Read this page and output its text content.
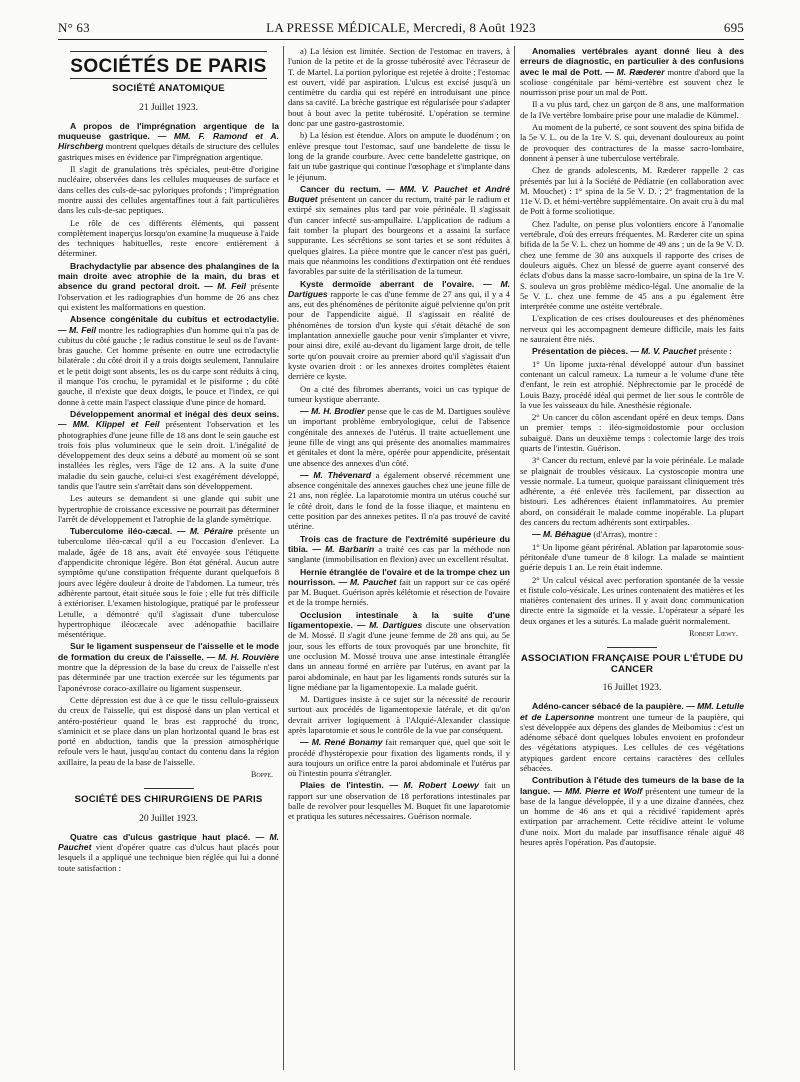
N° 63	LA PRESSE MÉDICALE, Mercredi, 8 Août 1923	695
SOCIÉTÉS DE PARIS
SOCIÉTÉ ANATOMIQUE
21 Juillet 1923.
A propos de l'imprégnation argentique de la muqueuse gastrique. — MM. F. Ramond et A. Hirschberg montrent quelques détails de structure des cellules gastriques mises en évidence par l'imprégnation argentique.
Il s'agit de granulations très spéciales, peut-être d'origine nucléaire, observées dans les cellules muqueuses de surface et dans celles des culs-de-sac pyloriques profonds ; l'imprégnation montre aussi des cellules argentaffines tout à fait particulières dans les culs-de-sac peptiques.
Le rôle de ces différents éléments, qui passent complètement inaperçus lorsqu'on examine la muqueuse à l'aide des techniques habituelles, reste encore entièrement à déterminer.
Brachydactylie par absence des phalangines de la main droite avec atrophie de la main, du bras et absence du grand pectoral droit. — M. Feil présente l'observation et les radiographies d'un homme de 26 ans chez qui existent les malformations en question.
Absence congénitale du cubitus et ectrodactylie. — M. Feil montre les radiographies d'un homme qui n'a pas de cubitus du côté gauche ; le radius constitue le seul os de l'avant-bras gauche. Cet homme présente en outre une ectrodactylie bilatérale : du côté droit il y a trois doigts seulement, l'annulaire et le petit doigt sont absents, les os du carpe sont réduits à cinq, il manque l'os crochu, le pyramidal et le pisiforme ; du côté gauche, il n'existe que deux doigts, le pouce et l'index, ce qui donne à cette main l'aspect classique d'une pince de homard.
Développement anormal et inégal des deux seins. — MM. Klippel et Feil présentent l'observation et les photographies d'une jeune fille de 18 ans dont le sein gauche est trois fois plus volumineux que le sein droit. L'inégalité de développement des deux seins a débuté au moment où se sont installées les règles, vers l'âge de 12 ans. A la suite d'une maladie du sein gauche, celui-ci s'est exagérément développé, tandis que l'autre sein s'arrêtait dans son développement.
Les auteurs se demandent si une glande qui subit une hypertrophie de croissance excessive ne pourrait pas déterminer l'arrêt de développement et l'atrophie de la glande symétrique.
Tuberculome iléo-cæcal. — M. Péraire présente un tuberculome iléo-cæcal qu'il a eu l'occasion d'enlever. La malade, âgée de 18 ans, avait été envoyée sous l'étiquette d'appendicite chronique légère. Bon état général. Aucun autre symptôme qu'une constipation fréquente durant quelquefois 8 jours avec légère douleur à droite de l'abdomen. La tumeur, très adhérente partout, était située sous le foie ; elle fut très difficile à extérioriser. L'examen histologique, pratiqué par le professeur Letulle, a démontré qu'il s'agissait d'une tuberculose hypertrophique iléocæcale avec adénopathie bacillaire mésentérique.
Sur le ligament suspenseur de l'aisselle et le mode de formation du creux de l'aisselle. — M. H. Rouvière montre que la dépression de la base du creux de l'aisselle n'est pas déterminée par une traction exercée sur les téguments par l'aponévrose coraco-axillaire ou ligament suspenseur.
Cette dépression est due à ce que le tissu cellulo-graisseux du creux de l'aisselle, qui est disposé dans un plan vertical et antéro-postérieur quand le bras est rapproché du tronc, s'aminicit et se place dans un plan horizontal quand le bras est porté en abduction, tandis que la pression atmosphérique refoule vers le haut, jusqu'au contact du contenu dans la région axillaire, la peau de la base de l'aisselle.
Boppe.
SOCIÉTÉ DES CHIRURGIENS DE PARIS
20 Juillet 1923.
Quatre cas d'ulcus gastrique haut placé. — M. Pauchet vient d'opérer quatre cas d'ulcus haut placés pour lesquels il a appliqué une technique bien réglée qui lui a donné toute satisfaction :
a) La lésion est limitée. Section de l'estomac en travers, à l'union de la petite et de la grosse tubérosité avec l'écraseur de T. de Martel. La portion pylorique est rejetée à droite ; l'estomac est ouvert, vidé par aspiration. L'ulcus est excisé jusqu'à un centimètre du cardia qui est repéré en introduisant une pince dans sa cavité. La brèche gastrique est régularisée pour s'adapter bout à bout avec la petite tubérosité. L'opération se termine donc par une gastro-gastrostomie.
b) La lésion est étendue. Alors on ampute le duodénum ; on enlève presque tout l'estomac, sauf une bandelette de tissu le long de la grande courbure. Avec cette bandelette gastrique, on fait un tube gastrique qui continue l'œsophage et s'implante dans le jéjunum.
Cancer du rectum. — MM. V. Pauchet et André Buquet présentent un cancer du rectum, traité par le radium et extirpé six semaines plus tard par voie périnéale. Il s'agissait d'un cancer infecté sus-ampullaire. L'application de radium a fait tomber la plupart des bourgeons et a assaini la surface suppurante. Les sécrétions se sont taries et se sont réduites à quelques glaires. La pièce montre que le cancer n'est pas guéri, mais que néanmoins les conditions d'extirpation ont été rendues favorables par suite de la stérilisation de la tumeur.
Kyste dermoïde aberrant de l'ovaire. — M. Dartigues rapporte le cas d'une femme de 27 ans qui, il y a 4 ans, eut des phénomènes de péritonite aiguë pelvienne qu'on prit pour de l'appendicite aiguë. Il s'agissait en réalité de phénomènes de torsion d'un kyste qui s'était détaché de son implantation annexielle gauche pour venir s'implanter et vivre, pour ainsi dire, exilé au-devant du ligament large droit, de telle sorte qu'on pouvait croire au premier abord qu'il s'agissait d'un kyste ovarien droit : or les annexes droites complètes étaient derrière ce kyste.
On a cité des fibromes aberrants, voici un cas typique de tumeur kystique aberrante.
— M. H. Brodier pense que le cas de M. Dartigues soulève un important problème embryologique, celui de l'absence congénitale des annexes de l'utérus. Il traite actuellement une jeune fille de vingt ans qui présente des anomalies mammaires et génitales et dont la mère, opérée pour appendicite, présentait une absence des annexes d'un côté.
— M. Thévenard a également observé récemment une absence congénitale des annexes gauches chez une jeune fille de 21 ans, non réglée. La laparotomie montra un utérus couché sur le côté droit, dans le fond de la fosse iliaque, et maintenu en cette position par des annexes petites. Il n'a pas trouvé de cavité utérine.
Trois cas de fracture de l'extrémité supérieure du tibia. — M. Barbarin a traité ces cas par la méthode non sanglante (immobilisation en flexion) avec un excellent résultat.
Hernie étranglée de l'ovaire et de la trompe chez un nourrisson. — M. Pauchet fait un rapport sur ce cas opéré par M. Buquet. Guérison après kélétomie et résection de l'ovaire et de la trompe herniés.
Occlusion intestinale à la suite d'une ligamentopexie. — M. Dartigues discute une observation de M. Mossé. Il s'agit d'une jeune femme de 28 ans qui, au 5e jour, sous les efforts de toux provoqués par une bronchite, fit une occlusion M. Mossé trouva une anse intestinale étranglée dans un anneau formé en arrière par l'utérus, en avant par la paroi abdominale, en haut par les ligaments ronds suturés sur la ligne médiane par la ligamentopexie. La malade guérit.
M. Dartigues insiste à ce sujet sur la nécessité de recourir surtout aux procédés de ligamentopexie latérale, et dit qu'on devrait arriver logiquement à l'Alquié-Alexander classique après laparotomie et sous le contrôle de la vue par conséquent.
— M. René Bonamy fait remarquer que, quel que soit le procédé d'hystéropexie pour fixation des ligaments ronds, il y aura toujours un orifice entre la paroi abdominale et l'utérus par où l'intestin pourra s'étrangler.
Plaies de l'intestin. — M. Robert Loewy fait un rapport sur une observation de 18 perforations intestinales par balle de revolver pour lesquelles M. Buquet fit une laparotomie et pratiqua les sutures nécessaires. Guérison normale.
Anomalies vertébrales ayant donné lieu à des erreurs de diagnostic, en particulier à des confusions avec le mal de Pott. — M. Ræderer montre d'abord que la scoliose congénitale par hémi-vertèbre est souvent chez le nourrisson prise pour un mal de Pott.
Il a vu plus tard, chez un garçon de 8 ans, une malformation de la IVe vertèbre lombaire prise pour une maladie de Kümmel.
Au moment de la puberté, ce sont souvent des spina bifida de la 5e V. L. ou de la 1re V. S. qui, devenant douloureux au point de provoquer des contractures de la masse sacro-lombaire, donnent à penser à une tuberculose vertébrale.
Chez de grands adolescents, M. Ræderer rappelle 2 cas présentés par lui à la Société de Pédiatrie (en collaboration avec M. Mouchet) : 1° spina de la 5e V. D. ; 2° fragmentation de la 11e V. D. et hémi-vertèbre supplémentaire. On avait cru à du mal de Pott à forme scoliotique.
Chez l'adulte, on pense plus volontiers encore à l'anomalie vertébrale, d'où des erreurs fréquentes. M. Ræderer cite un spina bifida de la 5e V. L. chez un homme de 49 ans ; un de la 9e V. D. chez une femme de 30 ans auxquels il rapporte des crises de douleurs aiguës. Chez un blessé de guerre ayant conservé des éclats d'obus dans la masse sacro-lombaire, un spina de la 1re V. S. souleva un gros problème médico-légal. Une anomalie de la 5e V. L. chez une femme de 45 ans a pu également être interprétée comme une ostéite vertébrale.
L'explication de ces crises douloureuses et des phénomènes nerveux qui les accompagnent demeure difficile, mais les faits ne sauraient être niés.
Présentation de pièces. — M. V. Pauchet présente :
1° Un lipome juxta-rénal développé autour d'un bassinet contenant un calcul rameux. La tumeur a le volume d'une tête d'enfant, le rein est atrophié. Néphrectomie par le procédé de Louis Bazy, procédé idéal qui permet de lier sous le contrôle de la vue les vaisseaux du hile. Anesthésie régionale.
2° Un cancer du côlon ascendant opéré en deux temps. Dans un premier temps : iléo-sigmoïdostomie pour occlusion subaiguë. Dans un deuxième temps : colectomie large des trois quarts de l'intestin. Guérison.
3° Cancer du rectum, enlevé par la voie périnéale. Le malade se plaignait de troubles vésicaux. La cystoscopie montra une vessie normale. La tumeur, quoique paraissant cliniquement très adhérente, a été enlevée très facilement, par dissection au bistouri. Les adhérences étaient inflammatoires. Au premier abord, on considérait le malade comme inopérable. La plupart des cancers du rectum adhérents sont extirpables.
— M. Béhague (d'Arras), montre :
1° Un lipome géant périrénal. Ablation par laparotomie sous-péritonéale d'une tumeur de 8 kilogr. La malade se maintient guérie depuis 1 an. Le rein était indemne.
2° Un calcul vésical avec perforation spontanée de la vessie et fistule colo-vésicale. Les urines contenaient des matières et les matières contenaient des urines. Il y avait donc communication directe entre la sigmoïde et la vessie. L'opérateur a séparé les deux organes et les a suturés. La malade guérit normalement.
Robert Lœwy.
ASSOCIATION FRANÇAISE POUR L'ÉTUDE DU CANCER
16 Juillet 1923.
Adéno-cancer sébacé de la paupière. — MM. Letulle et de Lapersonne montrent une tumeur de la paupière, qui s'est développée aux dépens des glandes de Meibomius : c'est un adénome sébacé dont quelques lobules envoient en profondeur des végétations atypiques. Les cellules de ces végétations atypiques gardent encore certains caractères des cellules sébacées.
Contribution à l'étude des tumeurs de la base de la langue. — MM. Pierre et Wolf présentent une tumeur de la base de la langue développée, il y a une dizaine d'années, chez un homme de 46 ans et qui a récidivé rapidement après extirpation par arrachement. Cette récidive atteint le volume d'une noix. Mort du malade par insuffisance rénale aiguë 48 heures après l'opération. Pas d'autopsie.
